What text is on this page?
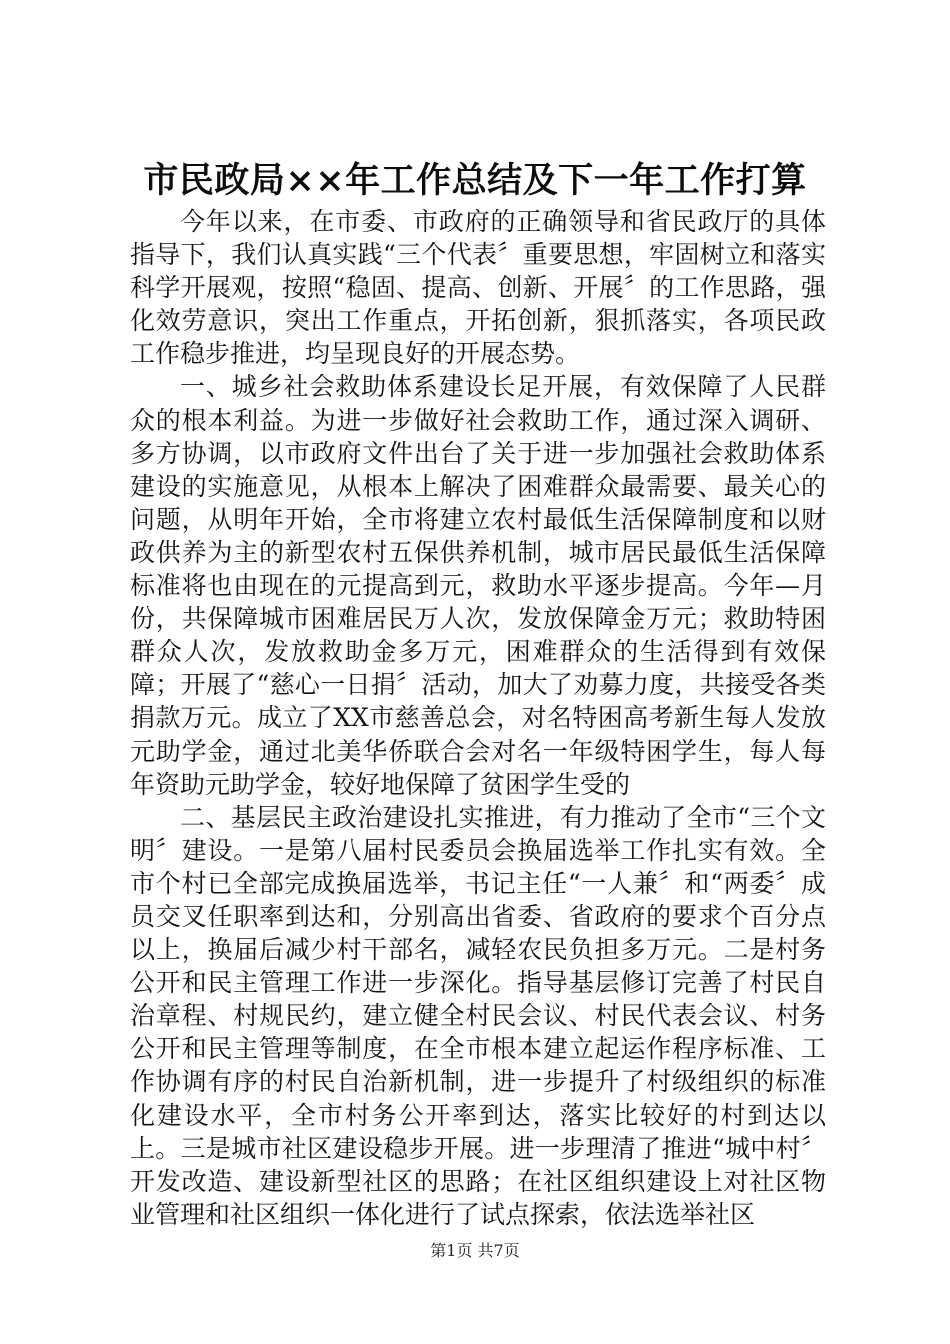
市民政局××年工作总结及下一年工作打算

今年以来，在市委、市政府的正确领导和省民政厅的具体指导下，我们认真实践“三个代表〞重要思想，牢固树立和落实科学开展观，按照“稳固、提高、创新、开展〞的工作思路，强化效劳意识，突出工作重点，开拓创新，狠抓落实，各项民政工作稳步推进，均呈现良好的开展态势。

一、城乡社会救助体系建设长足开展，有效保障了人民群众的根本利益。为进一步做好社会救助工作，通过深入调研、多方协调，以市政府文件出台了关于进一步加强社会救助体系建设的实施意见，从根本上解决了困难群众最需要、最关心的问题，从明年开始，全市将建立农村最低生活保障制度和以财政供养为主的新型农村五保供养机制，城市居民最低生活保障标准将也由现在的元提高到元，救助水平逐步提高。今年—月份，共保障城市困难居民万人次，发放保障金万元；救助特困群众人次，发放救助金多万元，困难群众的生活得到有效保障；开展了“慈心一日捐〞活动，加大了劝募力度，共接受各类捐款万元。成立了XX市慈善总会，对名特困高考新生每人发放元助学金，通过北美华侨联合会对名一年级特困学生，每人每年资助元助学金，较好地保障了贫困学生受的

二、基层民主政治建设扎实推进，有力推动了全市“三个文明〞建设。一是第八届村民委员会换届选举工作扎实有效。全市个村已全部完成换届选举，书记主任“一人兼〞和“两委〞成员交叉任职率到达和，分别高出省委、省政府的要求个百分点以上，换届后减少村干部名，减轻农民负担多万元。二是村务公开和民主管理工作进一步深化。指导基层修订完善了村民自治章程、村规民约，建立健全村民会议、村民代表会议、村务公开和民主管理等制度，在全市根本建立起运作程序标准、工作协调有序的村民自治新机制，进一步提升了村级组织的标准化建设水平，全市村务公开率到达，落实比较好的村到达以上。三是城市社区建设稳步开展。进一步理清了推进“城中村〞开发改造、建设新型社区的思路；在社区组织建设上对社区物业管理和社区组织一体化进行了试点探索，依法选举社区

第1页 共7页
